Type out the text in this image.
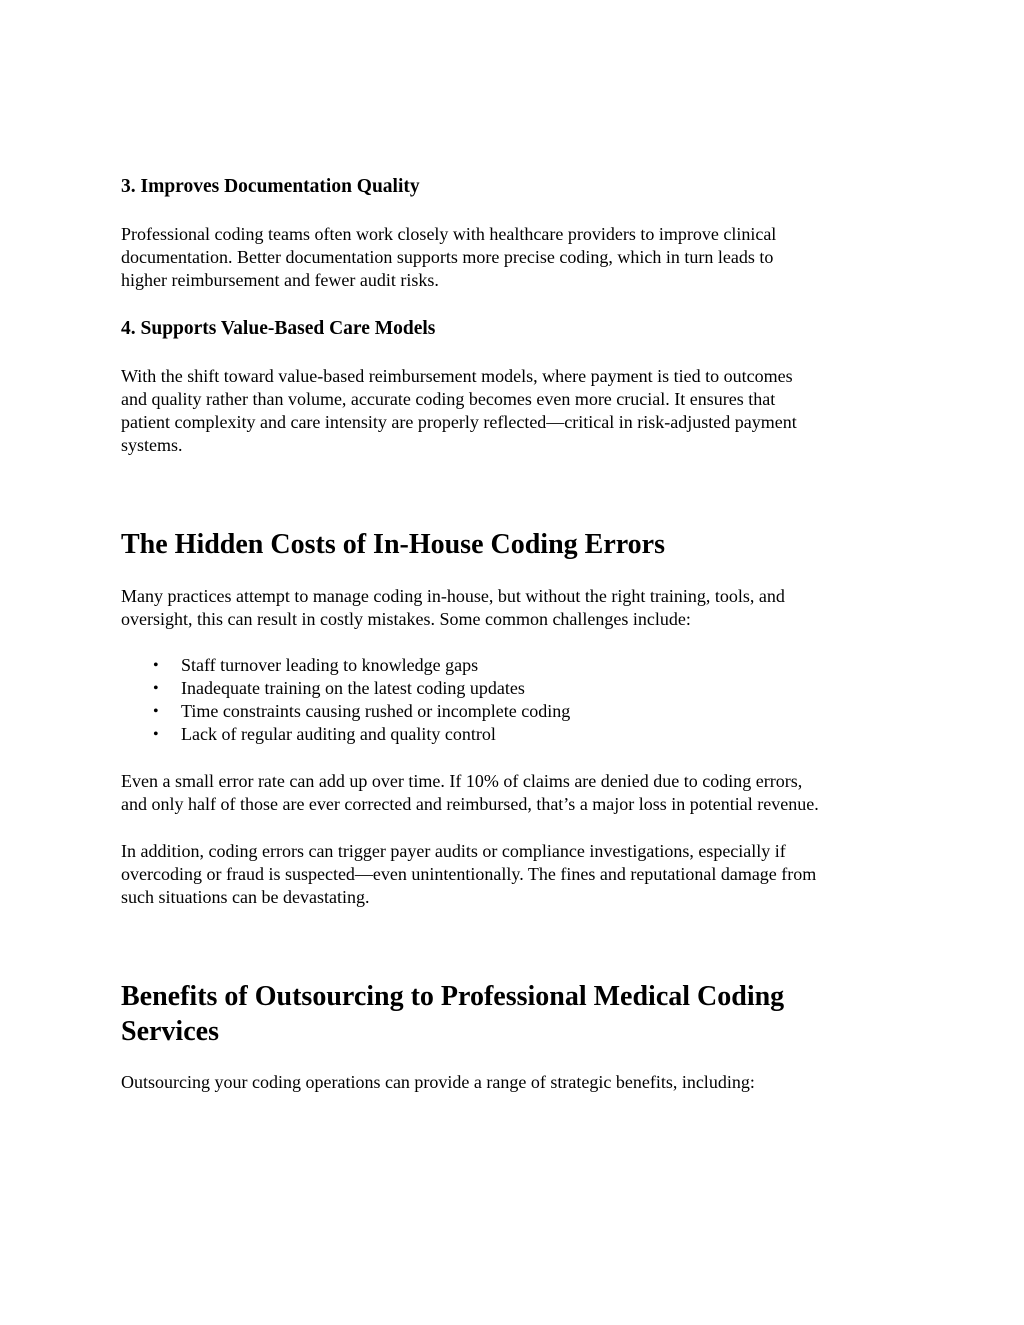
3. Improves Documentation Quality

Professional coding teams often work closely with healthcare providers to improve clinical
documentation. Better documentation supports more precise coding, which in turn leads to
higher reimbursement and fewer audit risks.

4. Supports Value-Based Care Models

With the shift toward value-based reimbursement models, where payment is tied to outcomes
and quality rather than volume, accurate coding becomes even more crucial. It ensures that
patient complexity and care intensity are properly reflected—critical in risk-adjusted payment
systems.

The Hidden Costs of In-House Coding Errors

Many practices attempt to manage coding in-house, but without the right training, tools, and
oversight, this can result in costly mistakes. Some common challenges include:

• Staff turnover leading to knowledge gaps
• Inadequate training on the latest coding updates
• Time constraints causing rushed or incomplete coding
• Lack of regular auditing and quality control

Even a small error rate can add up over time. If 10% of claims are denied due to coding errors,
and only half of those are ever corrected and reimbursed, that’s a major loss in potential revenue.

In addition, coding errors can trigger payer audits or compliance investigations, especially if
overcoding or fraud is suspected—even unintentionally. The fines and reputational damage from
such situations can be devastating.

Benefits of Outsourcing to Professional Medical Coding
Services

Outsourcing your coding operations can provide a range of strategic benefits, including:
